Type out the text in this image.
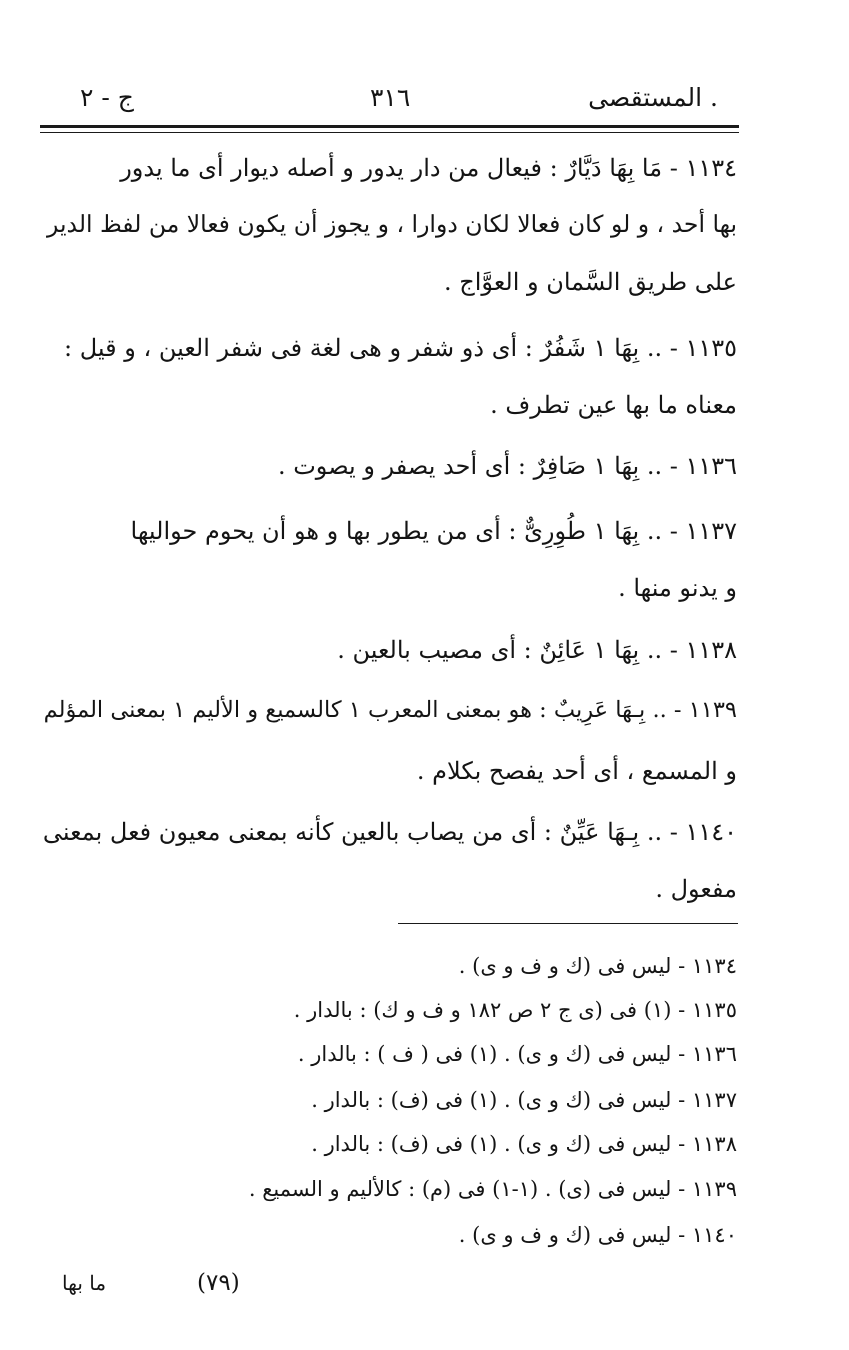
. المستقصى
٣١٦
ج - ٢
١١٣٤ - مَا بِهَا دَيَّارٌ : فيعال من دار يدور و أصله ديوار أى ما يدور
بها أحد ، و لو كان فعالا لكان دوارا ، و يجوز أن يكون فعالا من لفظ الدير
على طريق السَّمان و العوَّاج .
١١٣٥ - .. بِهَا ١ شَفُرٌ : أى ذو شفر و هى لغة فى شفر العين ، و قيل :
معناه ما بها عين تطرف .
١١٣٦ - .. بِهَا ١ صَافِرٌ : أى أحد يصفر و يصوت .
١١٣٧ - .. بِهَا ١ طُوِرِىٌّ : أى من يطور بها و هو أن يحوم حواليها
و يدنو منها .
١١٣٨ - .. بِهَا ١ عَائِنٌ : أى مصيب بالعين .
١١٣٩ - .. بِـهَا عَرِيبٌ : هو بمعنى المعرب ١ كالسميع و الأليم ١ بمعنى المؤلم
و المسمع ، أى أحد يفصح بكلام .
١١٤٠ - .. بِـهَا عَيِّنٌ : أى من يصاب بالعين كأنه بمعنى معيون فعل بمعنى
مفعول .
١١٣٤ - ليس فى (ك و ف و ى) .
١١٣٥ - (١) فى (ى ج ٢ ص ١٨٢ و ف و ك) : بالدار .
١١٣٦ - ليس فى (ك و ى) . (١) فى ( ف ) : بالدار .
١١٣٧ - ليس فى (ك و ى) . (١) فى (ف) : بالدار .
١١٣٨ - ليس فى (ك و ى) . (١) فى (ف) : بالدار .
١١٣٩ - ليس فى (ى) . (١-١) فى (م) : كالأليم و السميع .
١١٤٠ - ليس فى (ك و ف و ى) .
(٧٩)
ما بها
